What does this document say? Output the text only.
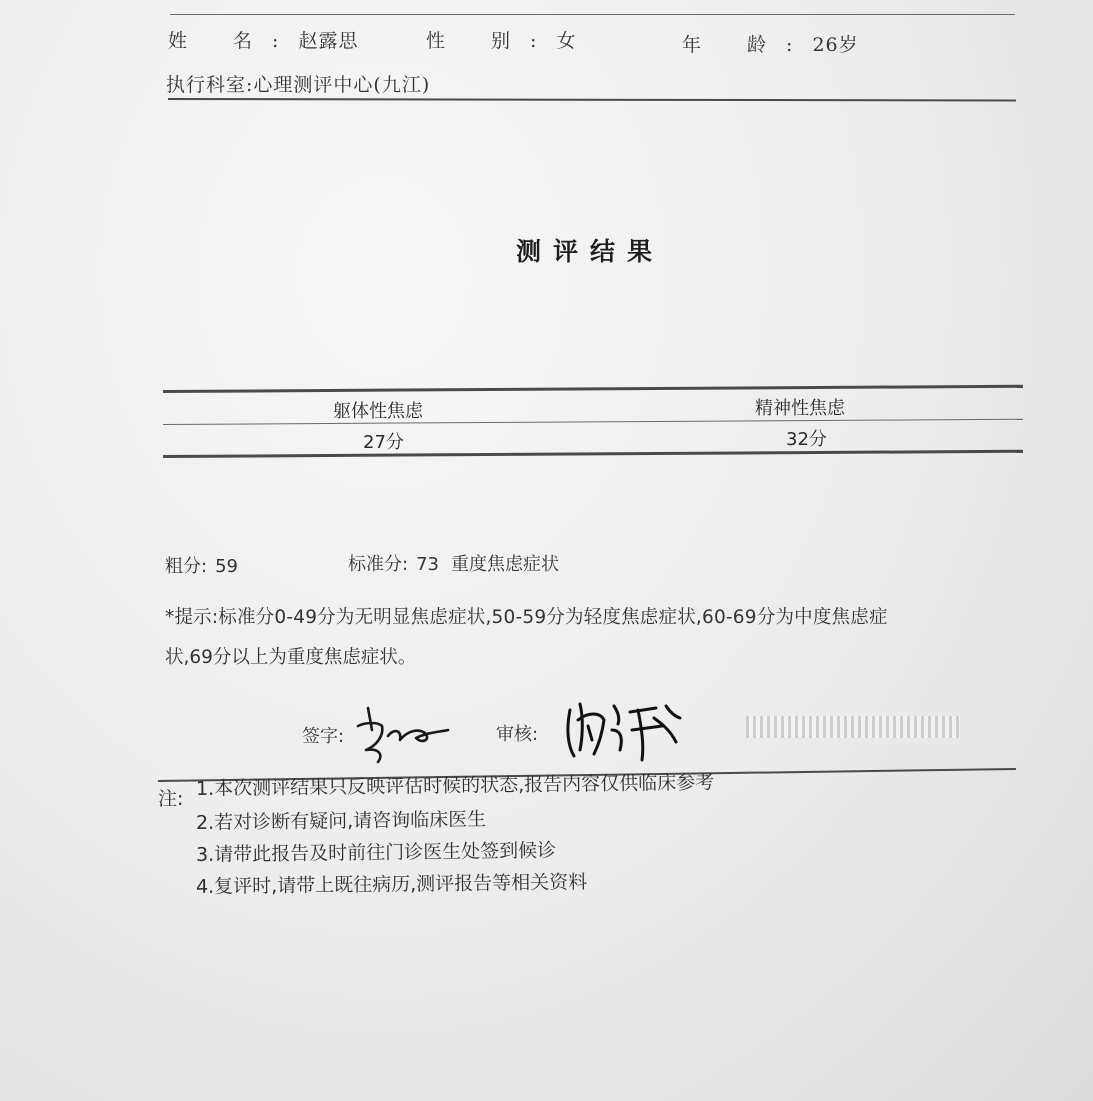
姓 名:赵露思	性 别:女	年 龄:26岁
执行科室:心理测评中心(九江)
测评结果
躯体性焦虑	精神性焦虑
27分	32分
粗分: 59	标准分: 73 重度焦虑症状
*提示:标准分0-49分为无明显焦虑症状,50-59分为轻度焦虑症状,60-69分为中度焦虑症
状,69分以上为重度焦虑症状。
签字:	审核:
注: 1.本次测评结果只反映评估时候的状态,报告内容仅供临床参考
2.若对诊断有疑问,请咨询临床医生
3.请带此报告及时前往门诊医生处签到候诊
4.复评时,请带上既往病历,测评报告等相关资料
